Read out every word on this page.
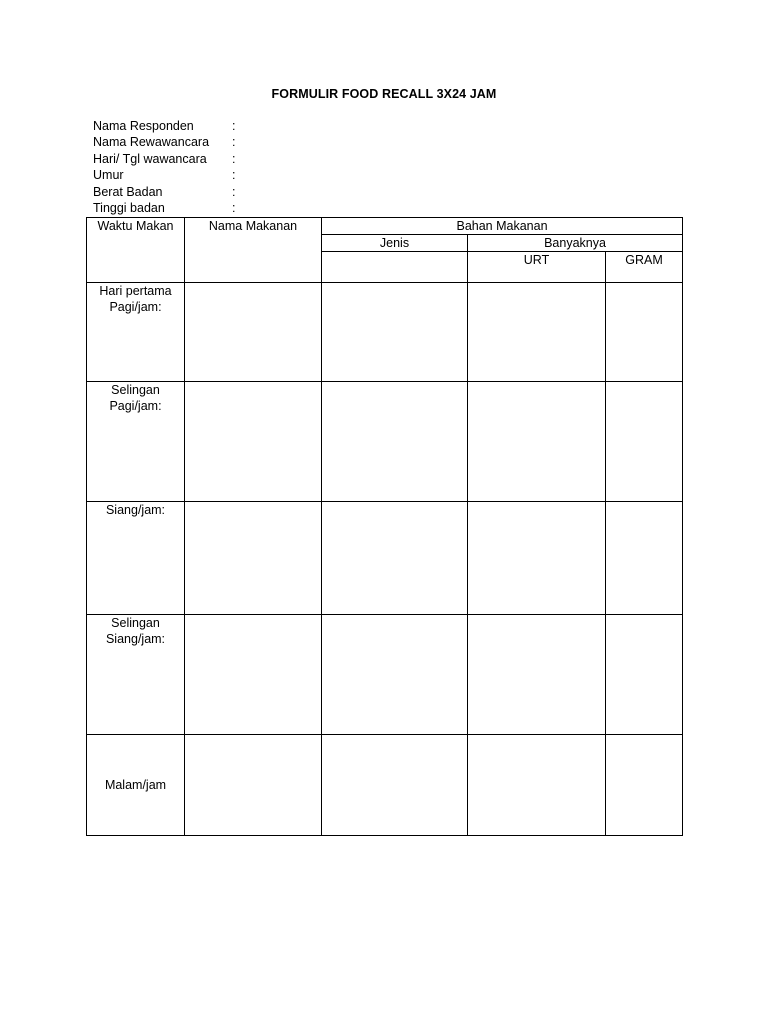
FORMULIR FOOD RECALL 3X24 JAM
Nama Responden	:
Nama Rewawancara :
Hari/ Tgl wawancara :
Umur	:
Berat Badan	:
Tinggi badan	:
Waktu Makan	Nama Makanan	Bahan Makanan		
		Jenis	Banyaknya	
			URT	GRAM

Hari pertama
Pagi/jam:				

Selingan
Pagi/jam:				

Siang/jam:				

Selingan
Siang/jam:				

Malam/jam				
